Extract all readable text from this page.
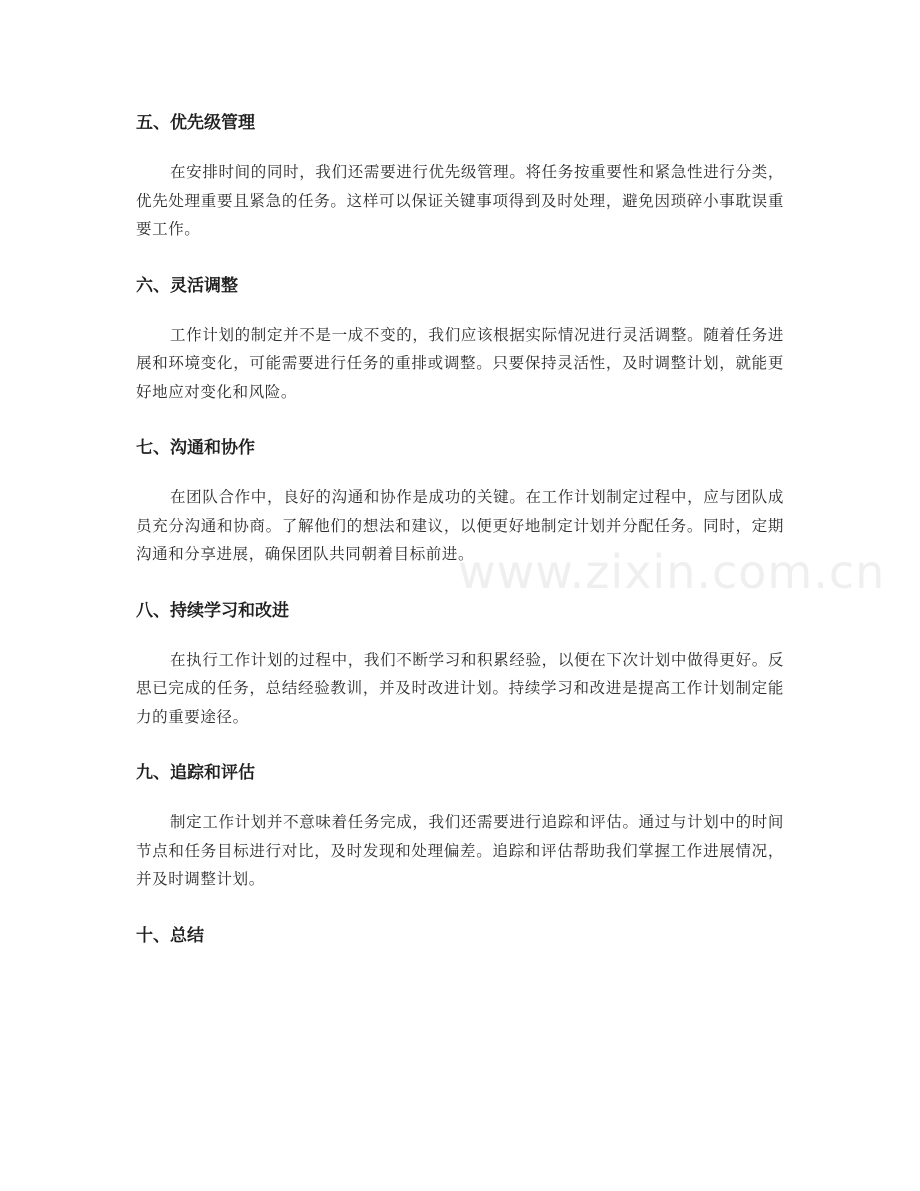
五、优先级管理

在安排时间的同时，我们还需要进行优先级管理。将任务按重要性和紧急性进行分类，优先处理重要且紧急的任务。这样可以保证关键事项得到及时处理，避免因琐碎小事耽误重要工作。

六、灵活调整

工作计划的制定并不是一成不变的，我们应该根据实际情况进行灵活调整。随着任务进展和环境变化，可能需要进行任务的重排或调整。只要保持灵活性，及时调整计划，就能更好地应对变化和风险。

七、沟通和协作

在团队合作中，良好的沟通和协作是成功的关键。在工作计划制定过程中，应与团队成员充分沟通和协商。了解他们的想法和建议，以便更好地制定计划并分配任务。同时，定期沟通和分享进展，确保团队共同朝着目标前进。

八、持续学习和改进

在执行工作计划的过程中，我们不断学习和积累经验，以便在下次计划中做得更好。反思已完成的任务，总结经验教训，并及时改进计划。持续学习和改进是提高工作计划制定能力的重要途径。

九、追踪和评估

制定工作计划并不意味着任务完成，我们还需要进行追踪和评估。通过与计划中的时间节点和任务目标进行对比，及时发现和处理偏差。追踪和评估帮助我们掌握工作进展情况，并及时调整计划。

十、总结
www.zixin.com.cn
